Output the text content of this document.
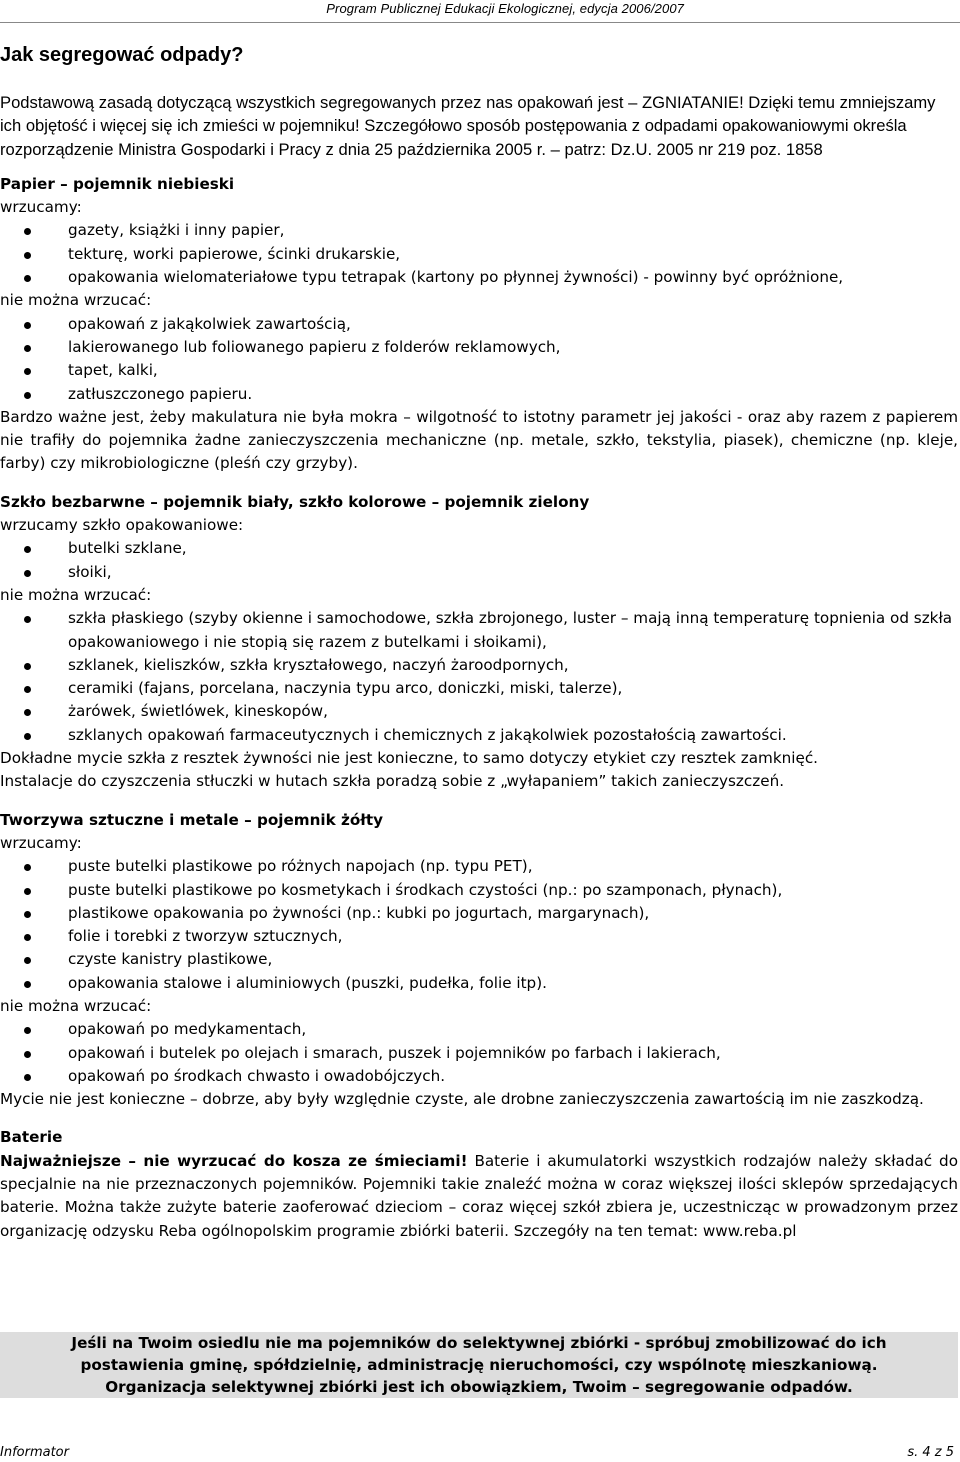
Program Publicznej Edukacji Ekologicznej, edycja 2006/2007
Jak segregować odpady?

Podstawową zasadą dotyczącą wszystkich segregowanych przez nas opakowań jest – ZGNIATANIE! Dzięki temu zmniejszamy ich objętość i więcej się ich zmieści w pojemniku! Szczegółowo sposób postępowania z odpadami opakowaniowymi określa rozporządzenie Ministra Gospodarki i Pracy z dnia 25 października 2005 r. – patrz: Dz.U. 2005 nr 219 poz. 1858

Papier – pojemnik niebieski

wrzucamy:

gazety, książki i inny papier,
tekturę, worki papierowe, ścinki drukarskie,
opakowania wielomateriałowe typu tetrapak (kartony po płynnej żywności) - powinny być opróżnione,

nie można wrzucać:

opakowań z jakąkolwiek zawartością,
lakierowanego lub foliowanego papieru z folderów reklamowych,
tapet, kalki,
zatłuszczonego papieru.

Bardzo ważne jest, żeby makulatura nie była mokra – wilgotność to istotny parametr jej jakości - oraz aby razem z papierem nie trafiły do pojemnika żadne zanieczyszczenia mechaniczne (np. metale, szkło, tekstylia, piasek), chemiczne (np. kleje, farby) czy mikrobiologiczne (pleśń czy grzyby).

Szkło bezbarwne – pojemnik biały, szkło kolorowe – pojemnik zielony

wrzucamy szkło opakowaniowe:

butelki szklane,
słoiki,

nie można wrzucać:

szkła płaskiego (szyby okienne i samochodowe, szkła zbrojonego, luster – mają inną temperaturę topnienia od szkła opakowaniowego i nie stopią się razem z butelkami i słoikami),
szklanek, kieliszków, szkła kryształowego, naczyń żaroodpornych,
ceramiki (fajans, porcelana, naczynia typu arco, doniczki, miski, talerze),
żarówek, świetlówek, kineskopów,
szklanych opakowań farmaceutycznych i chemicznych z jakąkolwiek pozostałością zawartości.

Dokładne mycie szkła z resztek żywności nie jest konieczne, to samo dotyczy etykiet czy resztek zamknięć.

Instalacje do czyszczenia stłuczki w hutach szkła poradzą sobie z „wyłapaniem” takich zanieczyszczeń.

Tworzywa sztuczne i metale – pojemnik żółty

wrzucamy:

puste butelki plastikowe po różnych napojach (np. typu PET),
puste butelki plastikowe po kosmetykach i środkach czystości (np.: po szamponach, płynach),
plastikowe opakowania po żywności (np.: kubki po jogurtach, margarynach),
folie i torebki z tworzyw sztucznych,
czyste kanistry plastikowe,
opakowania stalowe i aluminiowych (puszki, pudełka, folie itp).

nie można wrzucać:

opakowań po medykamentach,
opakowań i butelek po olejach i smarach, puszek i pojemników po farbach i lakierach,
opakowań po środkach chwasto i owadobójczych.

Mycie nie jest konieczne – dobrze, aby były względnie czyste, ale drobne zanieczyszczenia zawartością im nie zaszkodzą.

Baterie

Najważniejsze – nie wyrzucać do kosza ze śmieciami! Baterie i akumulatorki wszystkich rodzajów należy składać do specjalnie na nie przeznaczonych pojemników. Pojemniki takie znaleźć można w coraz większej ilości sklepów sprzedających baterie. Można także zużyte baterie zaoferować dzieciom – coraz więcej szkół zbiera je, uczestnicząc w prowadzonym przez organizację odzysku Reba ogólnopolskim programie zbiórki baterii. Szczegóły na ten temat: www.reba.pl

Jeśli na Twoim osiedlu nie ma pojemników do selektywnej zbiórki - spróbuj zmobilizować do ich

postawienia gminę, spółdzielnię, administrację nieruchomości, czy wspólnotę mieszkaniową.

Organizacja selektywnej zbiórki jest ich obowiązkiem, Twoim – segregowanie odpadów.

Informator	s. 4 z 5
